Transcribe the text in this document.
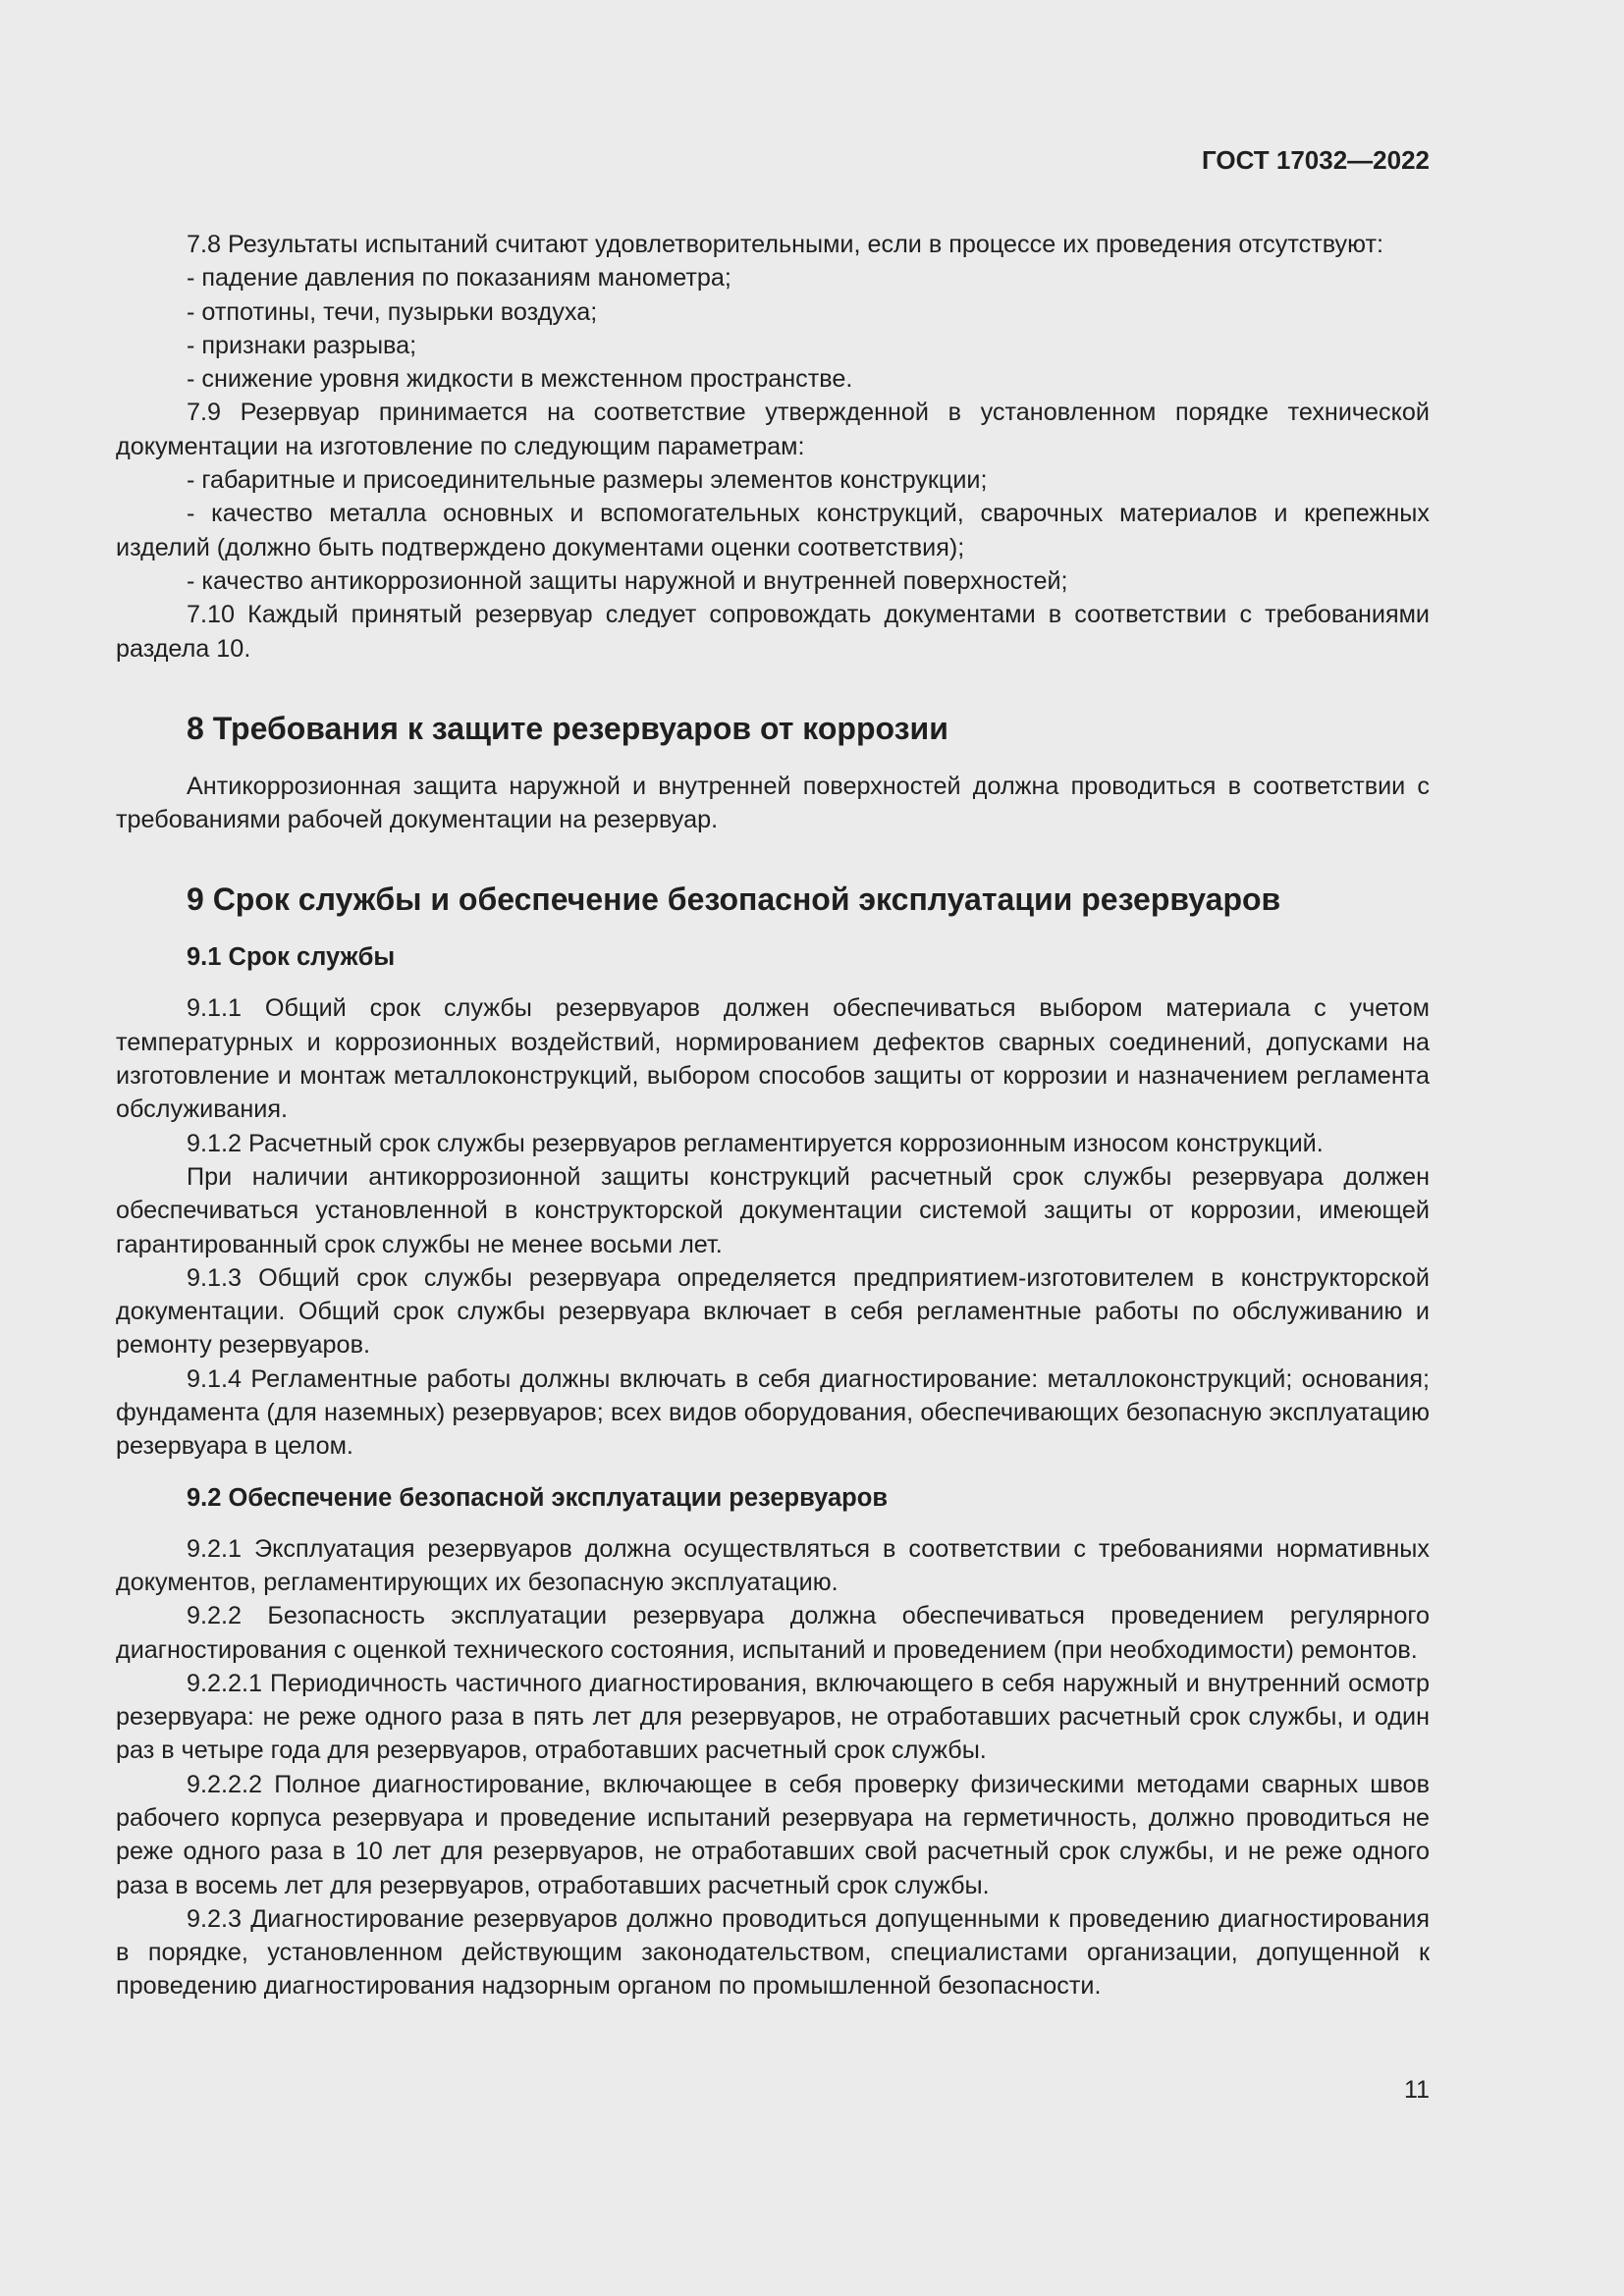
ГОСТ 17032—2022

7.8 Результаты испытаний считают удовлетворительными, если в процессе их проведения отсутствуют:

- падение давления по показаниям манометра;

- отпотины, течи, пузырьки воздуха;

- признаки разрыва;

- снижение уровня жидкости в межстенном пространстве.

7.9 Резервуар принимается на соответствие утвержденной в установленном порядке технической документации на изготовление по следующим параметрам:

- габаритные и присоединительные размеры элементов конструкции;

- качество металла основных и вспомогательных конструкций, сварочных материалов и крепежных изделий (должно быть подтверждено документами оценки соответствия);

- качество антикоррозионной защиты наружной и внутренней поверхностей;

7.10 Каждый принятый резервуар следует сопровождать документами в соответствии с требованиями раздела 10.

8 Требования к защите резервуаров от коррозии

Антикоррозионная защита наружной и внутренней поверхностей должна проводиться в соответствии с требованиями рабочей документации на резервуар.

9 Срок службы и обеспечение безопасной эксплуатации резервуаров
9.1 Срок службы

9.1.1 Общий срок службы резервуаров должен обеспечиваться выбором материала с учетом температурных и коррозионных воздействий, нормированием дефектов сварных соединений, допусками на изготовление и монтаж металлоконструкций, выбором способов защиты от коррозии и назначением регламента обслуживания.

9.1.2 Расчетный срок службы резервуаров регламентируется коррозионным износом конструкций.

При наличии антикоррозионной защиты конструкций расчетный срок службы резервуара должен обеспечиваться установленной в конструкторской документации системой защиты от коррозии, имеющей гарантированный срок службы не менее восьми лет.

9.1.3 Общий срок службы резервуара определяется предприятием-изготовителем в конструкторской документации. Общий срок службы резервуара включает в себя регламентные работы по обслуживанию и ремонту резервуаров.

9.1.4 Регламентные работы должны включать в себя диагностирование: металлоконструкций; основания; фундамента (для наземных) резервуаров; всех видов оборудования, обеспечивающих безопасную эксплуатацию резервуара в целом.

9.2 Обеспечение безопасной эксплуатации резервуаров

9.2.1 Эксплуатация резервуаров должна осуществляться в соответствии с требованиями нормативных документов, регламентирующих их безопасную эксплуатацию.

9.2.2 Безопасность эксплуатации резервуара должна обеспечиваться проведением регулярного диагностирования с оценкой технического состояния, испытаний и проведением (при необходимости) ремонтов.

9.2.2.1 Периодичность частичного диагностирования, включающего в себя наружный и внутренний осмотр резервуара: не реже одного раза в пять лет для резервуаров, не отработавших расчетный срок службы, и один раз в четыре года для резервуаров, отработавших расчетный срок службы.

9.2.2.2 Полное диагностирование, включающее в себя проверку физическими методами сварных швов рабочего корпуса резервуара и проведение испытаний резервуара на герметичность, должно проводиться не реже одного раза в 10 лет для резервуаров, не отработавших свой расчетный срок службы, и не реже одного раза в восемь лет для резервуаров, отработавших расчетный срок службы.

9.2.3 Диагностирование резервуаров должно проводиться допущенными к проведению диагностирования в порядке, установленном действующим законодательством, специалистами организации, допущенной к проведению диагностирования надзорным органом по промышленной безопасности.

11
